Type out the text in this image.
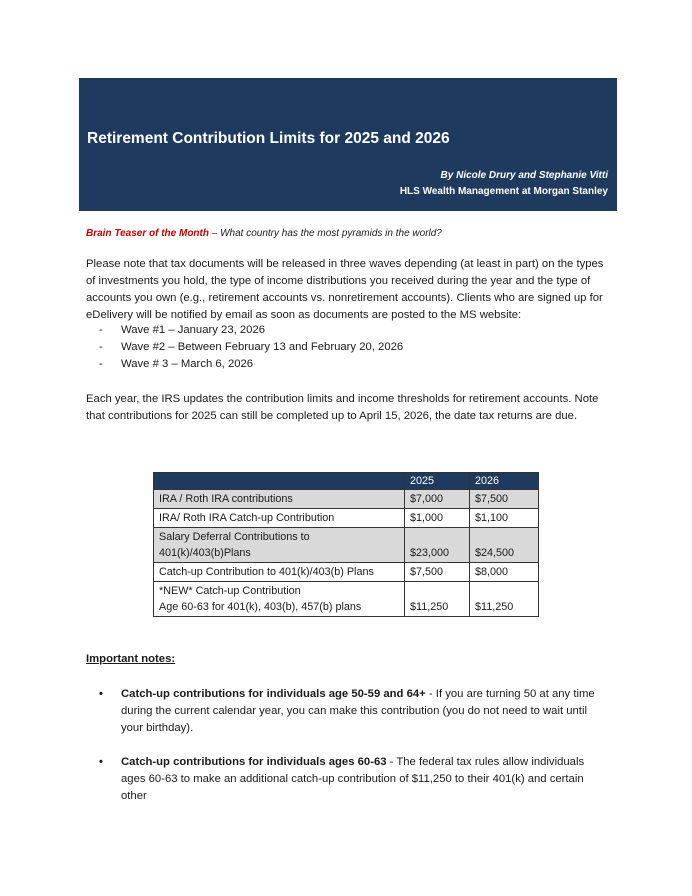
Retirement Contribution Limits for 2025 and 2026
By Nicole Drury and Stephanie Vitti
HLS Wealth Management at Morgan Stanley
Brain Teaser of the Month – What country has the most pyramids in the world?

Please note that tax documents will be released in three waves depending (at least in part) on the types of investments you hold, the type of income distributions you received during the year and the type of accounts you own (e.g., retirement accounts vs. nonretirement accounts). Clients who are signed up for eDelivery will be notified by email as soon as documents are posted to the MS website:

- Wave #1 – January 23, 2026
- Wave #2 – Between February 13 and February 20, 2026
- Wave # 3 – March 6, 2026

Each year, the IRS updates the contribution limits and income thresholds for retirement accounts. Note that contributions for 2025 can still be completed up to April 15, 2026, the date tax returns are due.

	2025	2026
IRA / Roth IRA contributions	$7,000	$7,500
IRA/ Roth IRA Catch-up Contribution	$1,000	$1,100

Salary Deferral Contributions to
401(k)/403(b)Plans	$23,000	$24,500
Catch-up Contribution to 401(k)/403(b) Plans	$7,500	$8,000

*NEW* Catch-up Contribution
Age 60-63 for 401(k), 403(b), 457(b) plans	$11,250	$11,250

Important notes:

• Catch-up contributions for individuals age 50-59 and 64+ - If you are turning 50 at any time during the current calendar year, you can make this contribution (you do not need to wait until your birthday).
• Catch-up contributions for individuals ages 60-63 - The federal tax rules allow individuals ages 60-63 to make an additional catch-up contribution of $11,250 to their 401(k) and certain other
